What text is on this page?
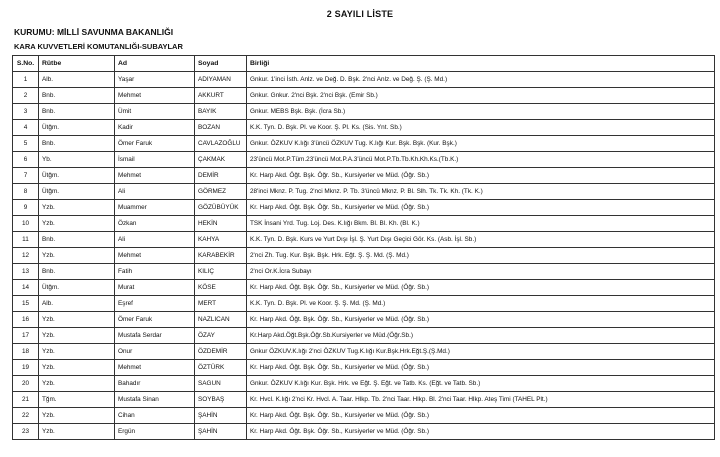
2 SAYILI LİSTE
KURUMU: MİLLİ SAVUNMA BAKANLIĞI
KARA KUVVETLERİ KOMUTANLIĞI-SUBAYLAR
S.No.	Rütbe	Ad	Soyad	Birliği
1	Alb.	Yaşar	ADIYAMAN	Gnkur. 1'inci İsth. Anlz. ve Değ. D. Bşk. 2'nci Anlz. ve Değ. Ş. (Ş. Md.)
2	Bnb.	Mehmet	AKKURT	Gnkur. Gnkur. 2'nci Bşk. 2'nci Bşk. (Emir Sb.)
3	Bnb.	Ümit	BAYIK	Gnkur. MEBS Bşk. Bşk. (İcra Sb.)
4	Ütğm.	Kadir	BOZAN	K.K. Tyn. D. Bşk. Pl. ve Koor. Ş. Pl. Ks. (Sis. Ynt. Sb.)
5	Bnb.	Ömer Faruk	CAVLAZOĞLU	Gnkur. ÖZKUV K.lığı 3'üncü ÖZKUV Tug. K.lığı Kur. Bşk. Bşk. (Kur. Bşk.)
6	Yb.	İsmail	ÇAKMAK	23'üncü Mot.P.Tüm.23'üncü Mot.P.A.3'üncü Mot.P.Tb.Tb.Kh.Kh.Ks.(Tb.K.)
7	Ütğm.	Mehmet	DEMİR	Kr. Harp Akd. Öğt. Bşk. Öğr. Sb., Kursiyerler ve Müd. (Öğr. Sb.)
8	Ütğm.	Ali	GÖRMEZ	28'inci Mknz. P. Tug. 2'nci Mknz. P. Tb. 3'üncü Mknz. P. Bl. Slh. Tk. Tk. Kh. (Tk. K.)
9	Yzb.	Muammer	GÖZÜBÜYÜK	Kr. Harp Akd. Öğt. Bşk. Öğr. Sb., Kursiyerler ve Müd. (Öğr. Sb.)
10	Yzb.	Özkan	HEKİN	TSK İnsani Yrd. Tug. Loj. Des. K.lığı Bkm. Bl. Bl. Kh. (Bl. K.)
11	Bnb.	Ali	KAHYA	K.K. Tyn. D. Bşk. Kurs ve Yurt Dışı İşl. Ş. Yurt Dışı Geçici Gör. Ks. (Asb. İşl. Sb.)
12	Yzb.	Mehmet	KARABEKİR	2'nci Zh. Tug. Kur. Bşk. Bşk. Hrk. Eğt. Ş. Ş. Md. (Ş. Md.)
13	Bnb.	Fatih	KILIÇ	2'nci Or.K.İcra Subayı
14	Ütğm.	Murat	KÖSE	Kr. Harp Akd. Öğt. Bşk. Öğr. Sb., Kursiyerler ve Müd. (Öğr. Sb.)
15	Alb.	Eşref	MERT	K.K. Tyn. D. Bşk. Pl. ve Koor. Ş. Ş. Md. (Ş. Md.)
16	Yzb.	Ömer Faruk	NAZLICAN	Kr. Harp Akd. Öğt. Bşk. Öğr. Sb., Kursiyerler ve Müd. (Öğr. Sb.)
17	Yzb.	Mustafa Serdar	ÖZAY	Kr.Harp Akd.Öğt.Bşk.Öğr.Sb.Kursiyerler ve Müd.(Öğr.Sb.)
18	Yzb.	Onur	ÖZDEMİR	Gnkur ÖZKUV.K.lığı 2'nci ÖZKUV Tug.K.lığı Kur.Bşk.Hrk.Eğt.Ş.(Ş.Md.)
19	Yzb.	Mehmet	ÖZTÜRK	Kr. Harp Akd. Öğt. Bşk. Öğr. Sb., Kursiyerler ve Müd. (Öğr. Sb.)
20	Yzb.	Bahadır	SAGUN	Gnkur. ÖZKUV K.lığı Kur. Bşk. Hrk. ve Eğt. Ş. Eğt. ve Tatb. Ks. (Eğt. ve Tatb. Sb.)
21	Tğm.	Mustafa Sinan	SOYBAŞ	Kr. Hvcl. K.lığı 2'nci Kr. Hvcl. A. Taar. Hlkp. Tb. 2'nci Taar. Hlkp. Bl. 2'nci Taar. Hlkp. Ateş Timi (TAHEL Plt.)
22	Yzb.	Cihan	ŞAHİN	Kr. Harp Akd. Öğt. Bşk. Öğr. Sb., Kursiyerler ve Müd. (Öğr. Sb.)
23	Yzb.	Ergün	ŞAHİN	Kr. Harp Akd. Öğt. Bşk. Öğr. Sb., Kursiyerler ve Müd. (Öğr. Sb.)
